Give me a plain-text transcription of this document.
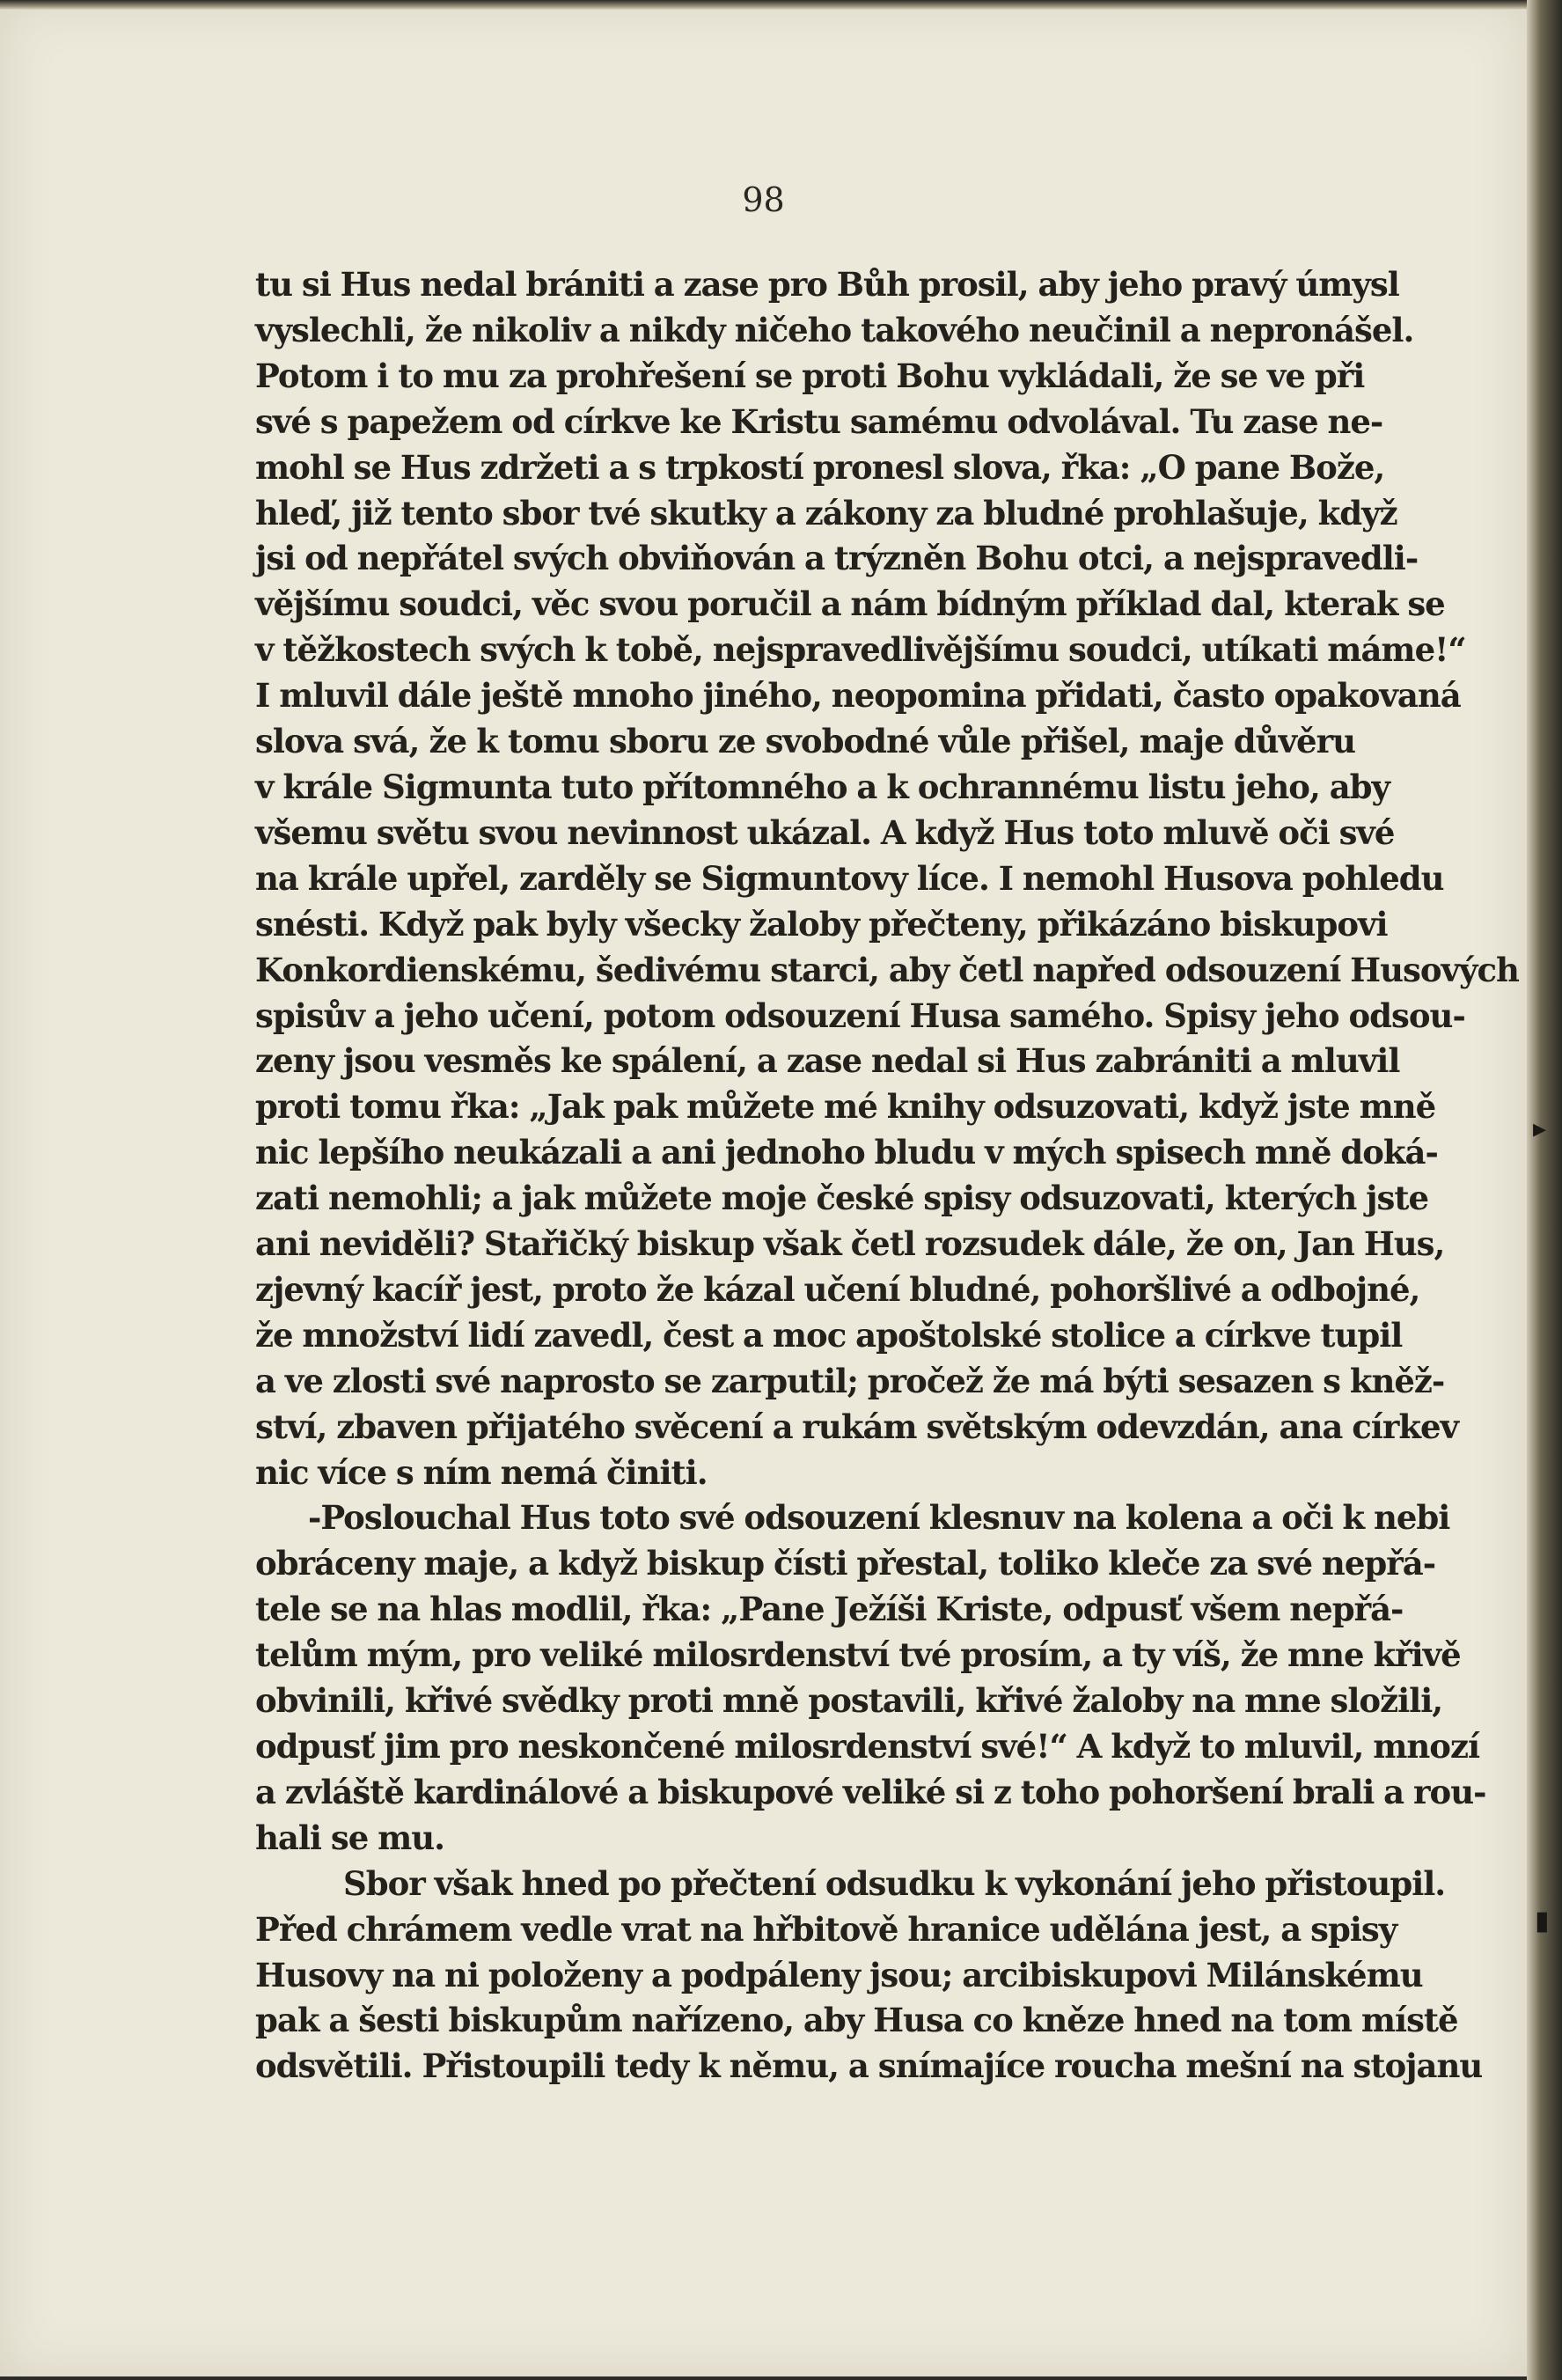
98
tu si Hus nedal brániti a zase pro Bůh prosil, aby jeho pravý úmysl
vyslechli, že nikoliv a nikdy ničeho takového neučinil a nepronášel.
Potom i to mu za prohřešení se proti Bohu vykládali, že se ve při
své s papežem od církve ke Kristu samému odvolával. Tu zase ne-
mohl se Hus zdržeti a s trpkostí pronesl slova, řka: „O pane Bože,
hleď, již tento sbor tvé skutky a zákony za bludné prohlašuje, když
jsi od nepřátel svých obviňován a trýzněn Bohu otci, a nejspravedli-
vějšímu soudci, věc svou poručil a nám bídným příklad dal, kterak se
v těžkostech svých k tobě, nejspravedlivějšímu soudci, utíkati máme!“
I mluvil dále ještě mnoho jiného, neopomina přidati, často opakovaná
slova svá, že k tomu sboru ze svobodné vůle přišel, maje důvěru
v krále Sigmunta tuto přítomného a k ochrannému listu jeho, aby
všemu světu svou nevinnost ukázal. A když Hus toto mluvě oči své
na krále upřel, zarděly se Sigmuntovy líce. I nemohl Husova pohledu
snésti. Když pak byly všecky žaloby přečteny, přikázáno biskupovi
Konkordienskému, šedivému starci, aby četl napřed odsouzení Husových
spisův a jeho učení, potom odsouzení Husa samého. Spisy jeho odsou-
zeny jsou vesměs ke spálení, a zase nedal si Hus zabrániti a mluvil
proti tomu řka: „Jak pak můžete mé knihy odsuzovati, když jste mně
nic lepšího neukázali a ani jednoho bludu v mých spisech mně doká-
zati nemohli; a jak můžete moje české spisy odsuzovati, kterých jste
ani neviděli? Stařičký biskup však četl rozsudek dále, že on, Jan Hus,
zjevný kacíř jest, proto že kázal učení bludné, pohoršlivé a odbojné,
že množství lidí zavedl, čest a moc apoštolské stolice a církve tupil
a ve zlosti své naprosto se zarputil; pročež že má býti sesazen s kněž-
ství, zbaven přijatého svěcení a rukám světským odevzdán, ana církev
nic více s ním nemá činiti.
-Poslouchal Hus toto své odsouzení klesnuv na kolena a oči k nebi
obráceny maje, a když biskup čísti přestal, toliko kleče za své nepřá-
tele se na hlas modlil, řka: „Pane Ježíši Kriste, odpusť všem nepřá-
telům mým, pro veliké milosrdenství tvé prosím, a ty víš, že mne křivě
obvinili, křivé svědky proti mně postavili, křivé žaloby na mne složili,
odpusť jim pro neskončené milosrdenství své!“ A když to mluvil, mnozí
a zvláště kardinálové a biskupové veliké si z toho pohoršení brali a rou-
hali se mu.
Sbor však hned po přečtení odsudku k vykonání jeho přistoupil.
Před chrámem vedle vrat na hřbitově hranice udělána jest, a spisy
Husovy na ni položeny a podpáleny jsou; arcibiskupovi Milánskému
pak a šesti biskupům nařízeno, aby Husa co kněze hned na tom místě
odsvětili. Přistoupili tedy k němu, a snímajíce roucha mešní na stojanu
▸
▮
